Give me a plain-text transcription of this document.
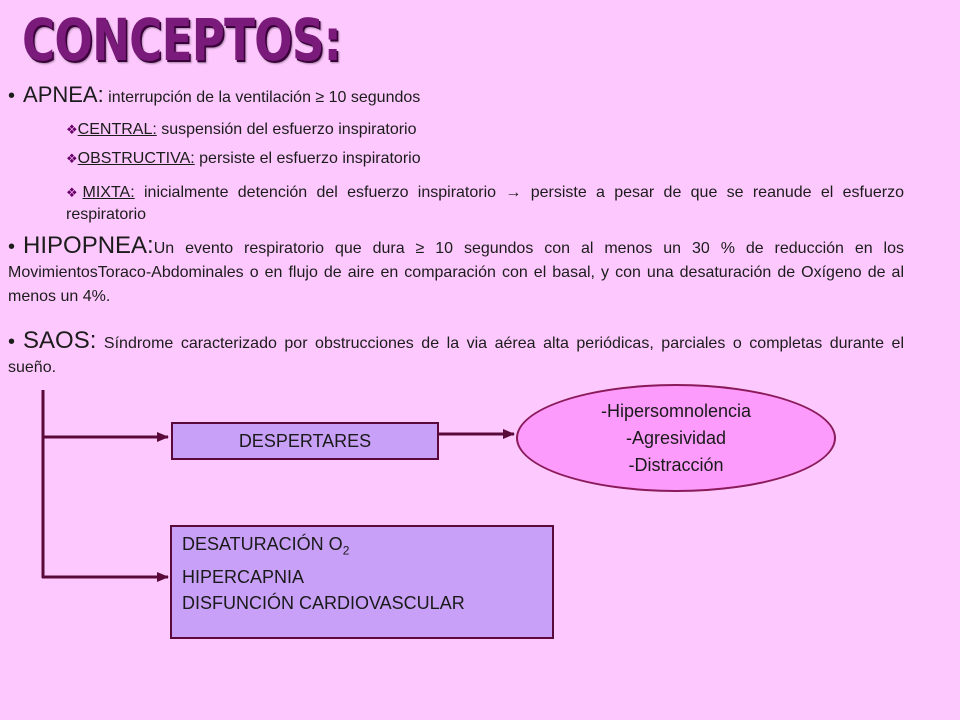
CONCEPTOS:
• APNEA: interrupción de la ventilación ≥ 10 segundos
❖CENTRAL: suspensión del esfuerzo inspiratorio
❖OBSTRUCTIVA: persiste el esfuerzo inspiratorio
❖MIXTA: inicialmente detención del esfuerzo inspiratorio → persiste a pesar de que se reanude el esfuerzo respiratorio
• HIPOPNEA:Un evento respiratorio que dura ≥ 10 segundos con al menos un 30 % de reducción en los MovimientosToraco-Abdominales o en flujo de aire en comparación con el basal, y con una desaturación de Oxígeno de al menos un 4%.
• SAOS: Síndrome caracterizado por obstrucciones de la via aérea alta periódicas, parciales o completas durante el sueño.
DESPERTARES
DESATURACIÓN $O_2$
HIPERCAPNIA
DISFUNCIÓN CARDIOVASCULAR
-Hipersomnolencia
-Agresividad
-Distracción
